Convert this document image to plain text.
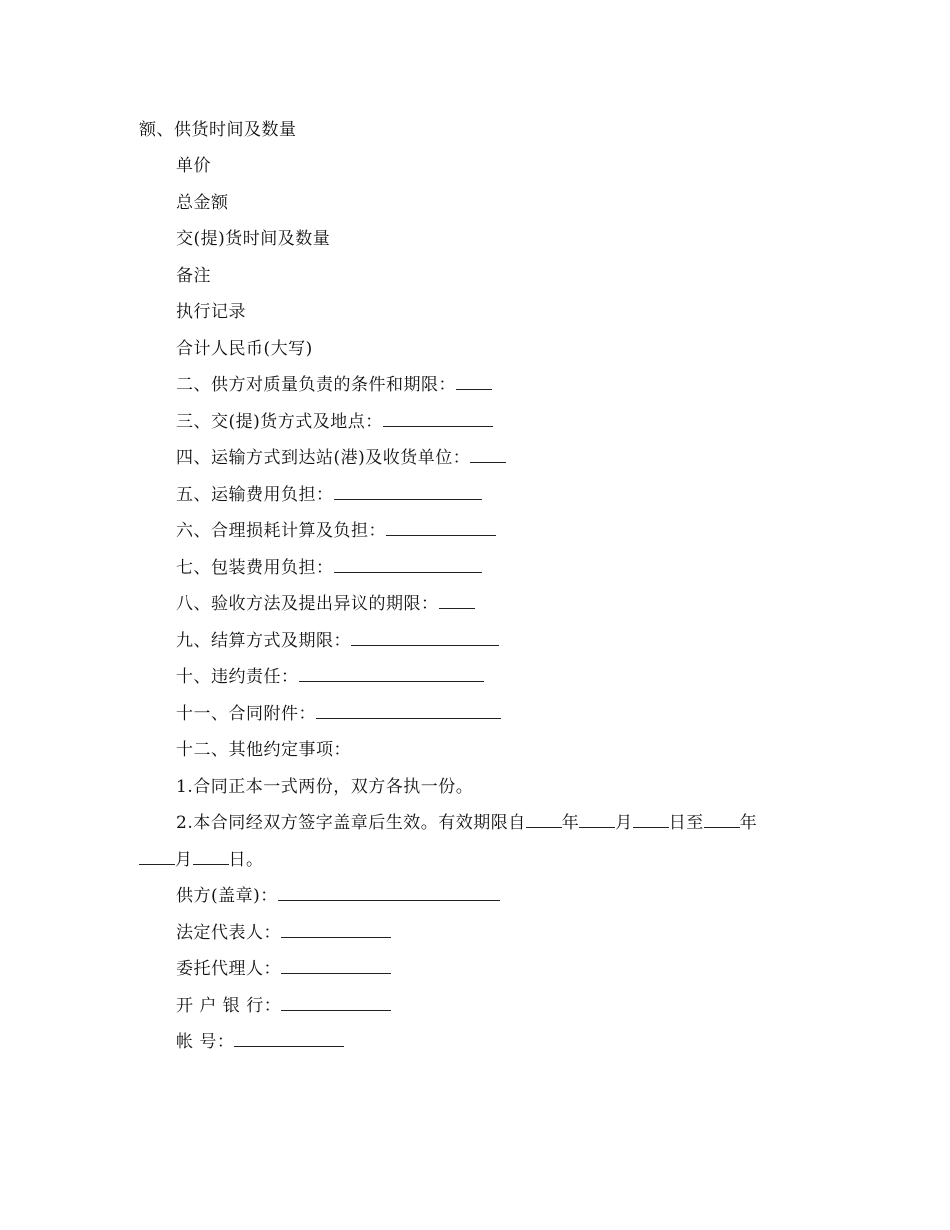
额、供货时间及数量
单价
总金额
交(提)货时间及数量
备注
执行记录
合计人民币(大写)
二、供方对质量负责的条件和期限：
三、交(提)货方式及地点：
四、运输方式到达站(港)及收货单位：
五、运输费用负担：
六、合理损耗计算及负担：
七、包装费用负担：
八、验收方法及提出异议的期限：
九、结算方式及期限：
十、违约责任：
十一、合同附件：
十二、其他约定事项：
1.合同正本一式两份，双方各执一份。
2.本合同经双方签字盖章后生效。有效期限自 年 月 日至 年
月 日。
供方(盖章)：
法定代表人：
委托代理人：
开 户 银 行：
帐 号：
